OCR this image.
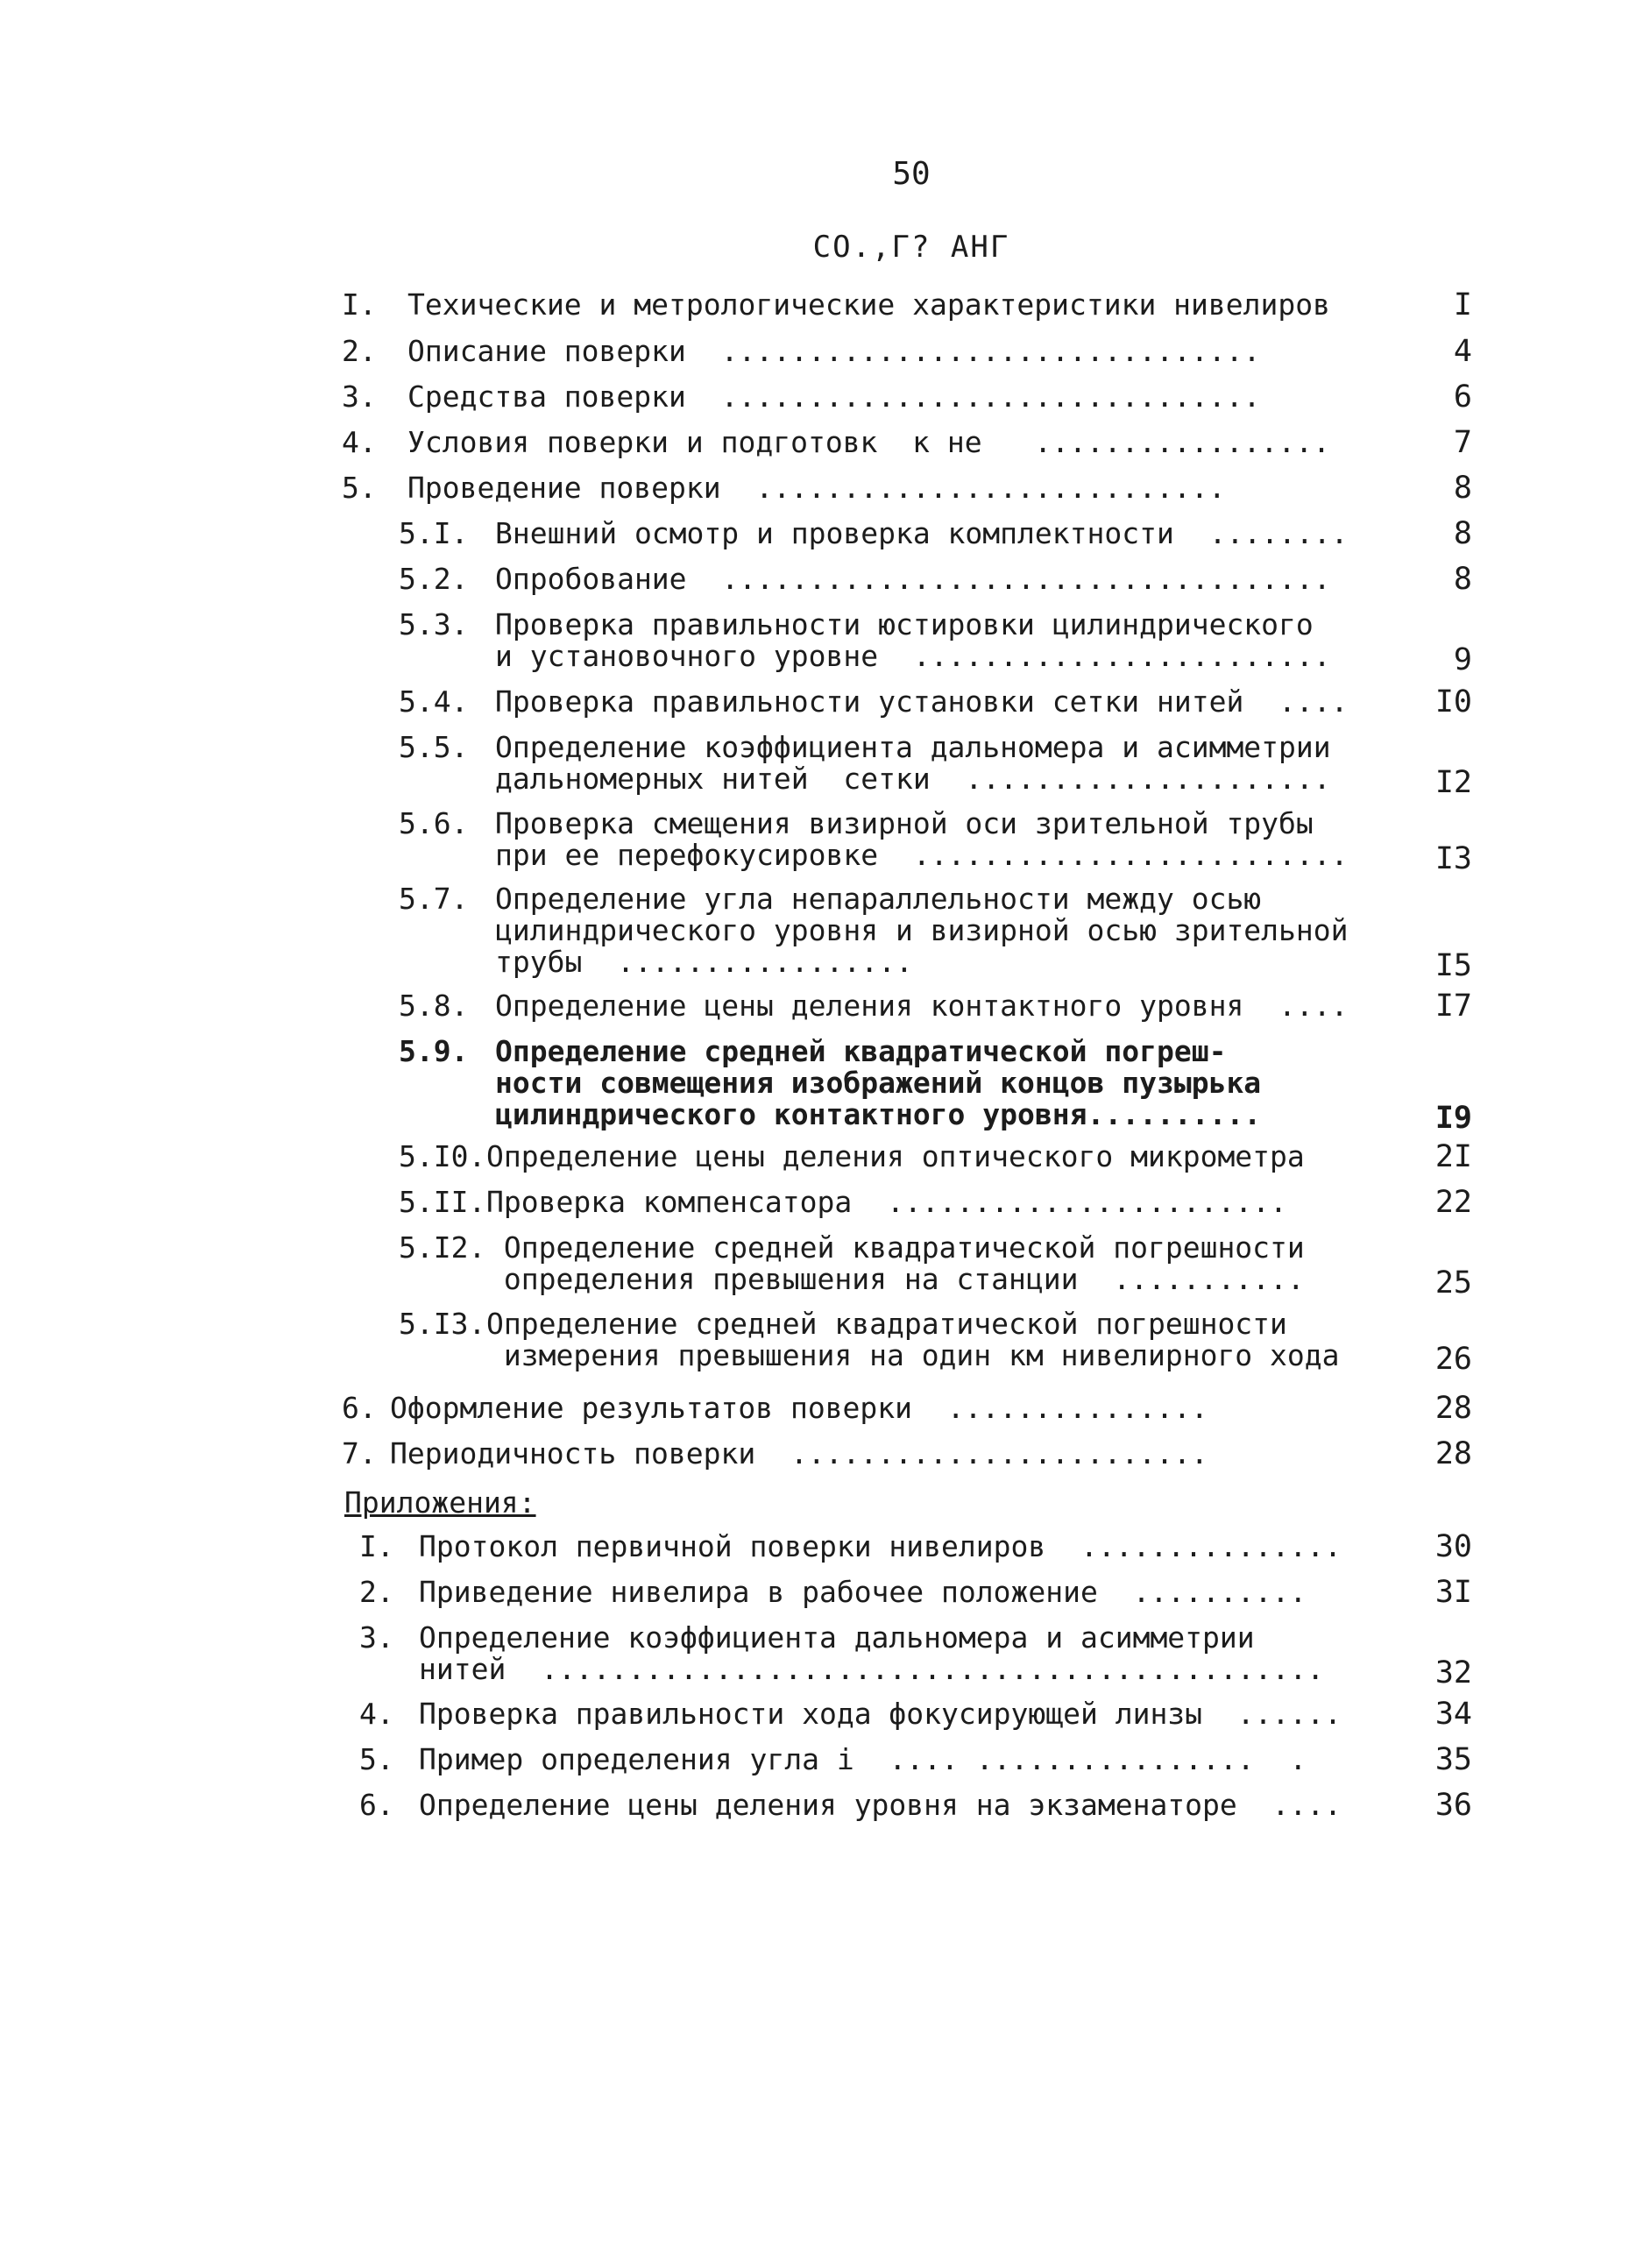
50
СО.,Г? АНГ
I. Техические и метрологические характеристики нивелиров	I
2. Описание поверки  ...............................	4
3. Средства поверки  ...............................	6
4. Условия поверки и подготовк  к не   .................	7
5. Проведение поверки  ...........................	8
5.I. Внешний осмотр и проверка комплектности  ........	8
5.2. Опробование  ...................................	8
5.3. Проверка правильности юстировки цилиндрического
и установочного уровне  ........................	9
5.4. Проверка правильности установки сетки нитей  ....	I0
5.5. Определение коэффициента дальномера и асимметрии
дальномерных нитей  сетки  .....................	I2
5.6. Проверка смещения визирной оси зрительной трубы
при ее перефокусировке  .........................	I3
5.7. Определение угла непараллельности между осью
цилиндрического уровня и визирной осью зрительной
трубы  .................	I5
5.8. Определение цены деления контактного уровня  ....	I7
5.9. Определение средней квадратической погреш-
ности совмещения изображений концов пузырька
цилиндрического контактного уровня..........	I9
5.I0. Определение цены деления оптического микрометра	2I
5.II. Проверка компенсатора  .......................	22
5.I2. Определение средней квадратической погрешности
определения превышения на станции  ...........	25
5.I3. Определение средней квадратической погрешности
измерения превышения на один км нивелирного хода	26
6. Оформление результатов поверки  ...............	28
7. Периодичность поверки  ........................	28
Приложения:
I. Протокол первичной поверки нивелиров  ...............	30
2. Приведение нивелира в рабочее положение  ..........	3I
3. Определение коэффициента дальномера и асимметрии
нитей  .............................................	32
4. Проверка правильности хода фокусирующей линзы  ......	34
5. Пример определения угла i  .... ................  .	35
6. Определение цены деления уровня на экзаменаторе  ....	36
